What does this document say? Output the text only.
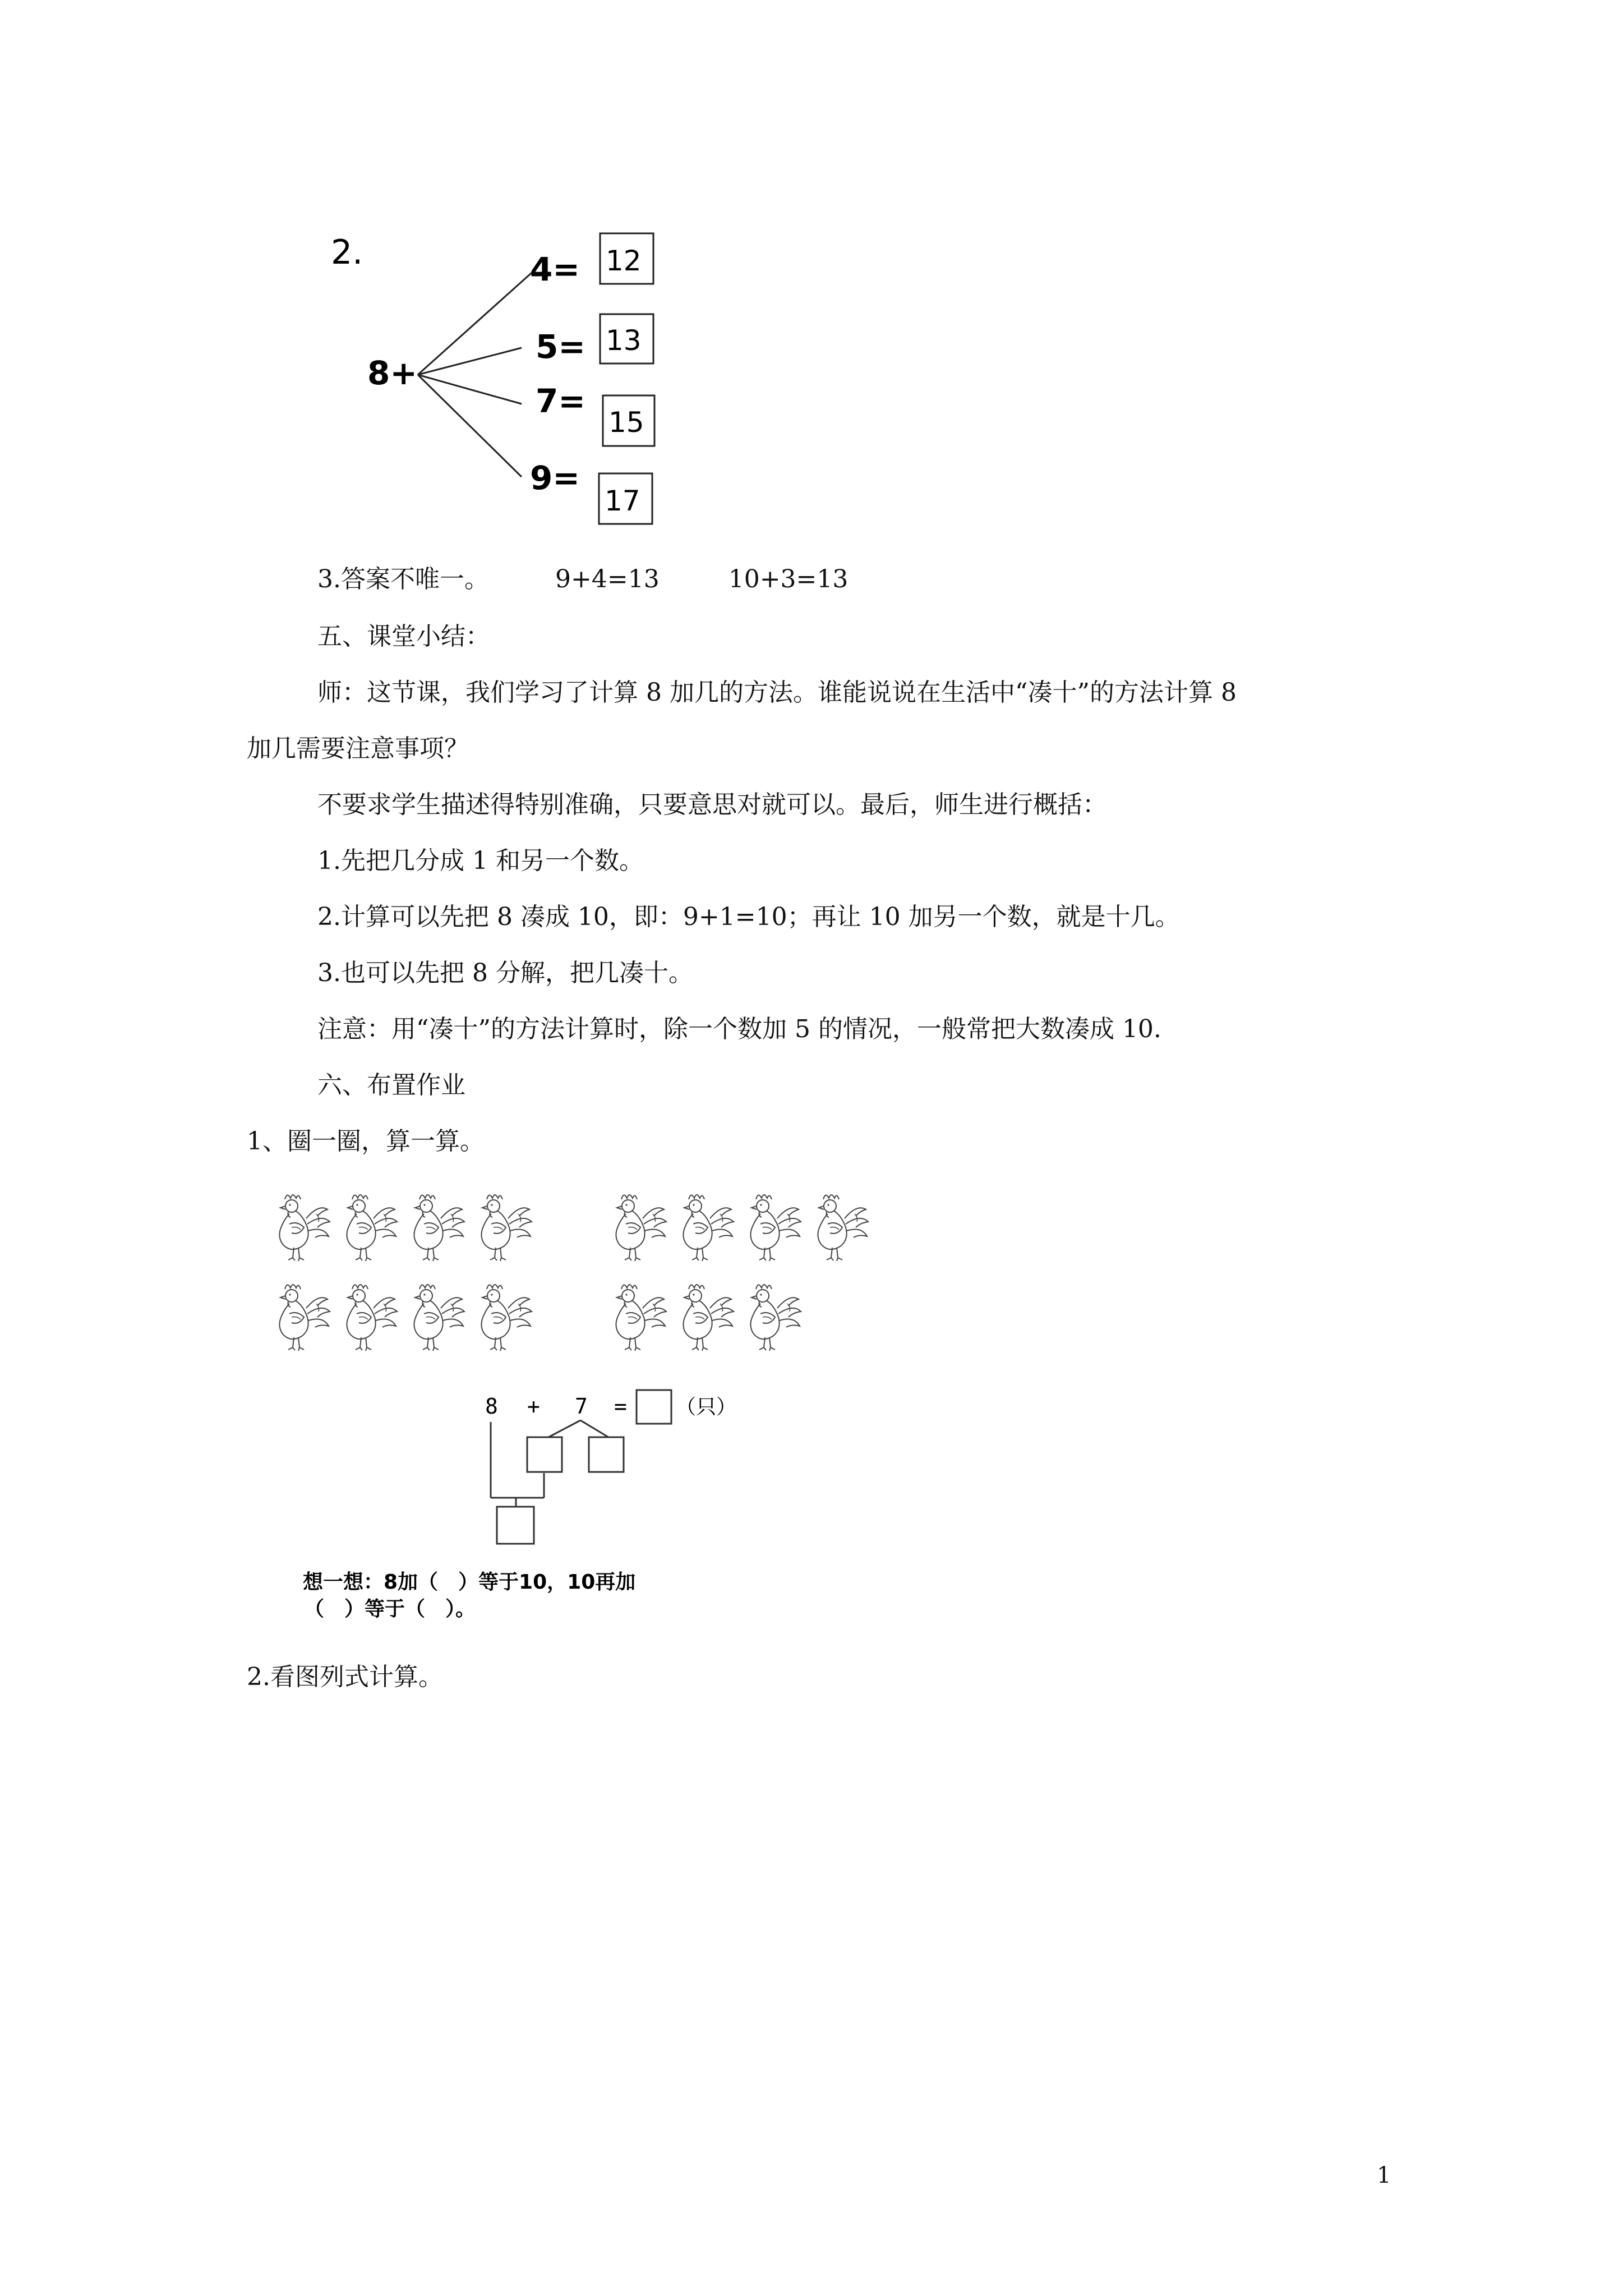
2.
8+
4= 12
5= 13
7=
15
9=
17
3.答案不唯一。	9+4=13	10+3=13
五、课堂小结：
师：这节课，我们学习了计算 8 加几的方法。谁能说说在生活中“凑十”的方法计算 8
加几需要注意事项？
不要求学生描述得特别准确，只要意思对就可以。最后，师生进行概括：
1.先把几分成 1 和另一个数。
2.计算可以先把 8 凑成 10，即：9+1=10；再让 10 加另一个数，就是十几。
3.也可以先把 8 分解，把几凑十。
注意：用“凑十”的方法计算时，除一个数加 5 的情况，一般常把大数凑成 10.
六、布置作业
1、圈一圈，算一算。
8 + 7 = （只）
想一想：8加（　）等于10，10再加
（　）等于（　）。
2.看图列式计算。
1
